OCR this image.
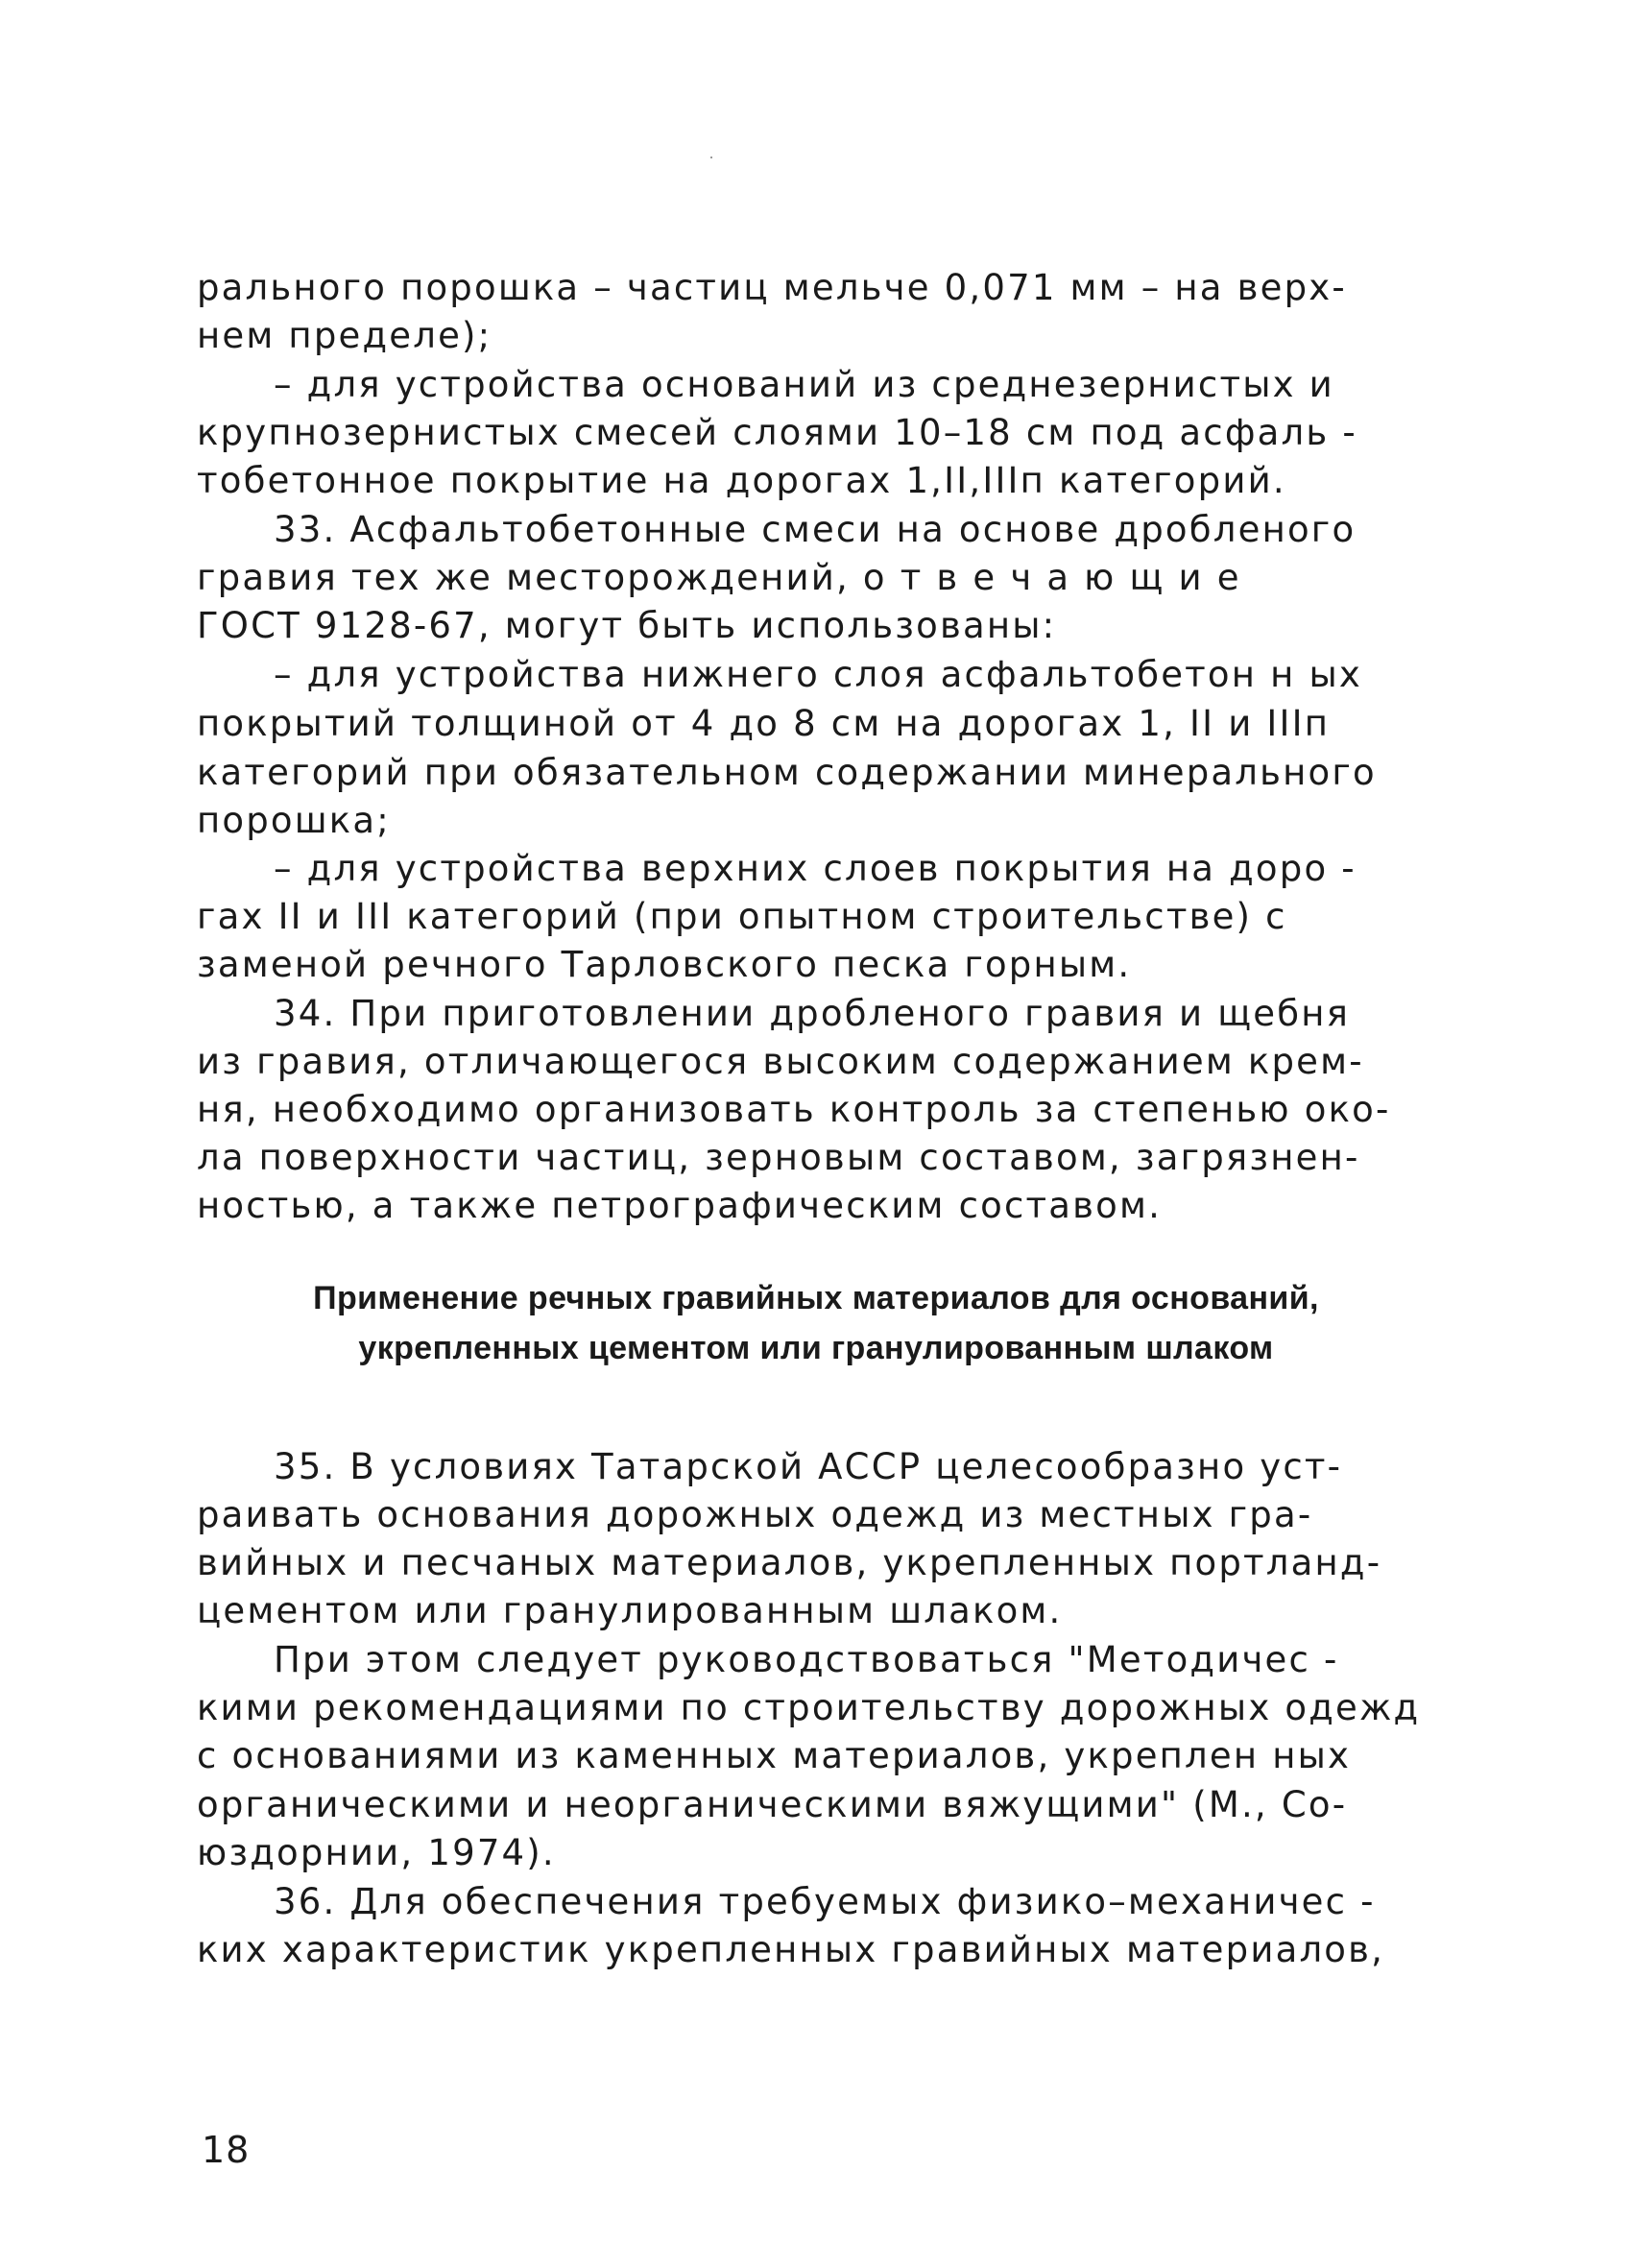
рального порошка – частиц мельче 0,071 мм – на верх-
нем пределе);
– для устройства оснований из среднезернистых и
крупнозернистых смесей слоями 10–18 см под асфаль -
тобетонное покрытие на дорогах 1,II,IIIп категорий.
33. Асфальтобетонные смеси на основе дробленого
гравия тех же месторождений, о т в е ч а ю щ и е
ГОСТ 9128-67, могут быть использованы:
– для устройства нижнего слоя асфальтобетон н ых
покрытий толщиной от 4 до 8 см на дорогах 1, II и IIIп
категорий при обязательном содержании минерального
порошка;
– для устройства верхних слоев покрытия на доро -
гах II и III категорий (при опытном строительстве) с
заменой речного Тарловского песка горным.
34. При приготовлении дробленого гравия и щебня
из гравия, отличающегося высоким содержанием крем-
ня, необходимо организовать контроль за степенью око-
ла поверхности частиц, зерновым составом, загрязнен-
ностью, а также петрографическим составом.
Применение речных гравийных материалов для оснований,
укрепленных цементом или гранулированным шлаком
35. В условиях Татарской АССР целесообразно уст-
раивать основания дорожных одежд из местных гра-
вийных и песчаных материалов, укрепленных портланд-
цементом или гранулированным шлаком.
При этом следует руководствоваться "Методичес -
кими рекомендациями по строительству дорожных одежд
с основаниями из каменных материалов, укреплен ных
органическими и неорганическими вяжущими" (М., Со-
юздорнии, 1974).
36. Для обеспечения требуемых физико–механичес -
ких характеристик укрепленных гравийных материалов,
18
